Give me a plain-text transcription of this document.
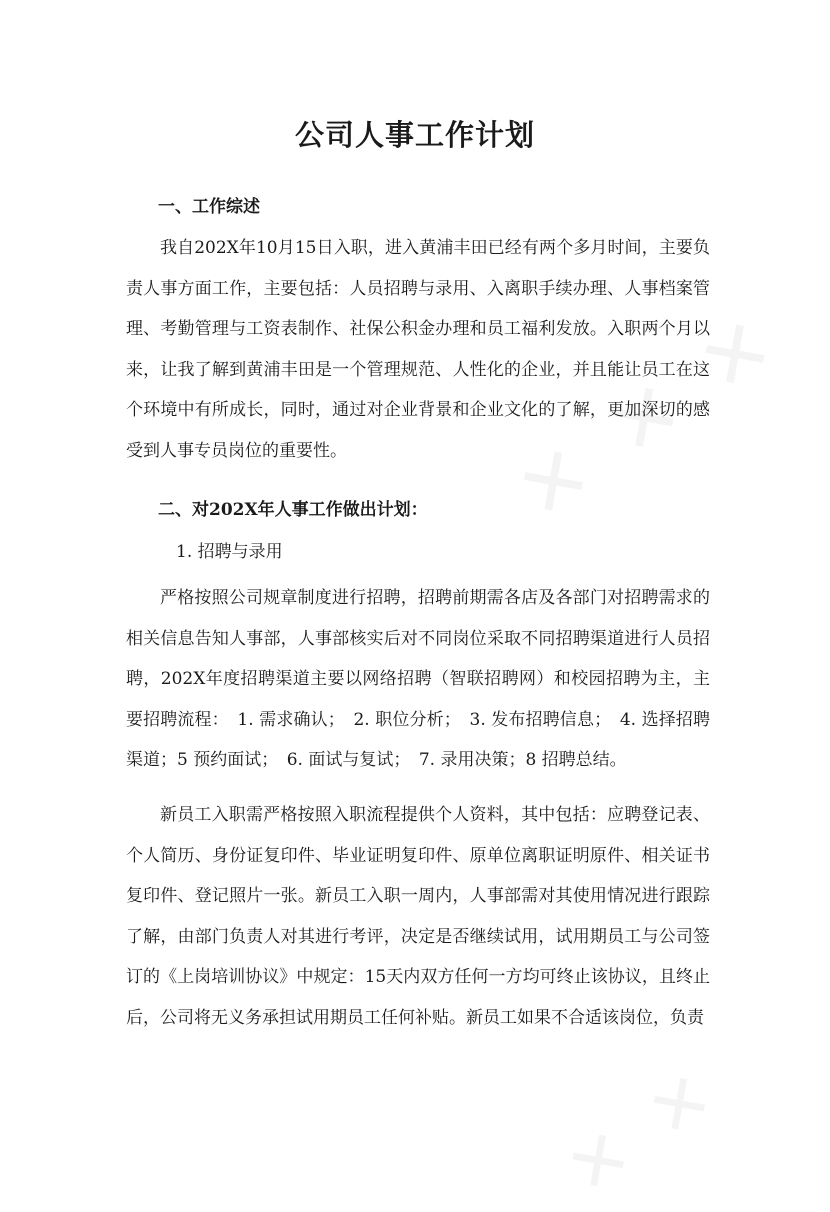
公司人事工作计划
一、工作综述

我自202X年10月15日入职，进入黄浦丰田已经有两个多月时间，主要负责人事方面工作，主要包括：人员招聘与录用、入离职手续办理、人事档案管理、考勤管理与工资表制作、社保公积金办理和员工福利发放。入职两个月以来，让我了解到黄浦丰田是一个管理规范、人性化的企业，并且能让员工在这个环境中有所成长，同时，通过对企业背景和企业文化的了解，更加深切的感受到人事专员岗位的重要性。

二、对202X年人事工作做出计划：
1. 招聘与录用

严格按照公司规章制度进行招聘，招聘前期需各店及各部门对招聘需求的相关信息告知人事部，人事部核实后对不同岗位采取不同招聘渠道进行人员招聘，202X年度招聘渠道主要以网络招聘（智联招聘网）和校园招聘为主，主要招聘流程：　1. 需求确认；　2. 职位分析；　3. 发布招聘信息；　4. 选择招聘渠道；5 预约面试；　6. 面试与复试；　7. 录用决策；8 招聘总结。

新员工入职需严格按照入职流程提供个人资料，其中包括：应聘登记表、个人简历、身份证复印件、毕业证明复印件、原单位离职证明原件、相关证书复印件、登记照片一张。新员工入职一周内，人事部需对其使用情况进行跟踪了解，由部门负责人对其进行考评，决定是否继续试用，试用期员工与公司签订的《上岗培训协议》中规定：15天内双方任何一方均可终止该协议，且终止后，公司将无义务承担试用期员工任何补贴。新员工如果不合适该岗位，负责
